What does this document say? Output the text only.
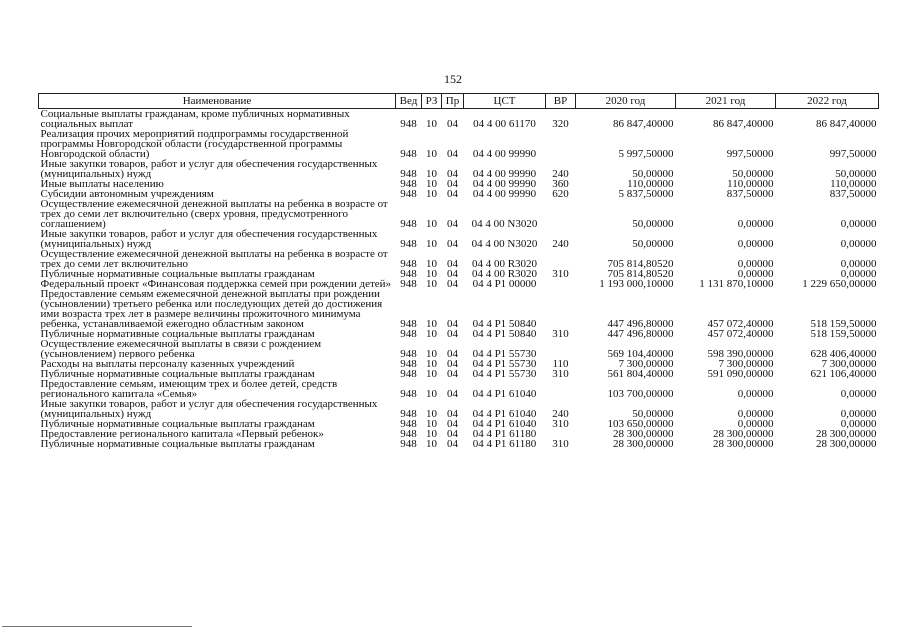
152
Наименование	Вед	РЗ	Пр	ЦСТ	ВР	2020 год	2021 год	2022 год
Социальные выплаты гражданам, кроме публичных нормативных социальных выплат	948	10	04	04 4 00 61170	320	86 847,40000	86 847,40000	86 847,40000
Реализация прочих мероприятий подпрограммы государственной программы Новгородской области (государственной программы Новгородской области)	948	10	04	04 4 00 99990		5 997,50000	997,50000	997,50000
Иные закупки товаров, работ и услуг для обеспечения государственных (муниципальных) нужд	948	10	04	04 4 00 99990	240	50,00000	50,00000	50,00000
Иные выплаты населению	948	10	04	04 4 00 99990	360	110,00000	110,00000	110,00000
Субсидии автономным учреждениям	948	10	04	04 4 00 99990	620	5 837,50000	837,50000	837,50000
Осуществление ежемесячной денежной выплаты на ребенка в возрасте от трех до семи лет включительно (сверх уровня, предусмотренного соглашением)	948	10	04	04 4 00 N3020		50,00000	0,00000	0,00000
Иные закупки товаров, работ и услуг для обеспечения государственных (муниципальных) нужд	948	10	04	04 4 00 N3020	240	50,00000	0,00000	0,00000
Осуществление ежемесячной денежной выплаты на ребенка в возрасте от трех до семи лет включительно	948	10	04	04 4 00 R3020		705 814,80520	0,00000	0,00000
Публичные нормативные социальные выплаты гражданам	948	10	04	04 4 00 R3020	310	705 814,80520	0,00000	0,00000
Федеральный проект «Финансовая поддержка семей при рождении детей»	948	10	04	04 4 P1 00000		1 193 000,10000	1 131 870,10000	1 229 650,00000
Предоставление семьям ежемесячной денежной выплаты при рождении (усыновлении) третьего ребенка или последующих детей до достижения ими возраста трех лет в размере величины прожиточного минимума ребенка, устанавливаемой ежегодно областным законом	948	10	04	04 4 P1 50840		447 496,80000	457 072,40000	518 159,50000
Публичные нормативные социальные выплаты гражданам	948	10	04	04 4 P1 50840	310	447 496,80000	457 072,40000	518 159,50000
Осуществление ежемесячной выплаты в связи с рождением (усыновлением) первого ребенка	948	10	04	04 4 P1 55730		569 104,40000	598 390,00000	628 406,40000
Расходы на выплаты персоналу казенных учреждений	948	10	04	04 4 P1 55730	110	7 300,00000	7 300,00000	7 300,00000
Публичные нормативные социальные выплаты гражданам	948	10	04	04 4 P1 55730	310	561 804,40000	591 090,00000	621 106,40000
Предоставление семьям, имеющим трех и более детей, средств регионального капитала «Семья»	948	10	04	04 4 P1 61040		103 700,00000	0,00000	0,00000
Иные закупки товаров, работ и услуг для обеспечения государственных (муниципальных) нужд	948	10	04	04 4 P1 61040	240	50,00000	0,00000	0,00000
Публичные нормативные социальные выплаты гражданам	948	10	04	04 4 P1 61040	310	103 650,00000	0,00000	0,00000
Предоставление регионального капитала «Первый ребенок»	948	10	04	04 4 P1 61180		28 300,00000	28 300,00000	28 300,00000
Публичные нормативные социальные выплаты гражданам	948	10	04	04 4 P1 61180	310	28 300,00000	28 300,00000	28 300,00000
